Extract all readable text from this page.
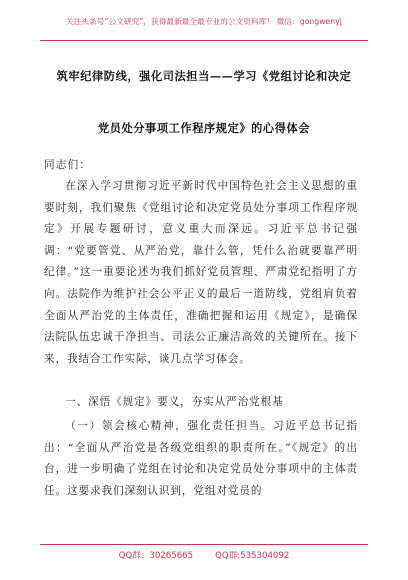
关注头条号“公文研究”，获得最新最全最专业的公文资料库！ 微信：gongwenyj
筑牢纪律防线，强化司法担当——学习《党组讨论和决定
党员处分事项工作程序规定》的心得体会
同志们：
在深入学习贯彻习近平新时代中国特色社会主义思想的重要时刻，我们聚焦《党组讨论和决定党员处分事项工作程序规定》开展专题研讨，意义重大而深远。习近平总书记强调：“党要管党、从严治党，靠什么管，凭什么治就要靠严明纪律。”这一重要论述为我们抓好党员管理、严肃党纪指明了方向。法院作为维护社会公平正义的最后一道防线，党组肩负着全面从严治党的主体责任，准确把握和运用《规定》，是确保法院队伍忠诚干净担当、司法公正廉洁高效的关键所在。接下来，我结合工作实际，谈几点学习体会。
一、深悟《规定》要义，夯实从严治党根基
（一）领会核心精神，强化责任担当。习近平总书记指出：“全面从严治党是各级党组织的职责所在。”《规定》的出台，进一步明确了党组在讨论和决定党员处分事项中的主体责任。这要求我们深刻认识到，党组对党员的
QQ群：30265665	QQ群:535304092
